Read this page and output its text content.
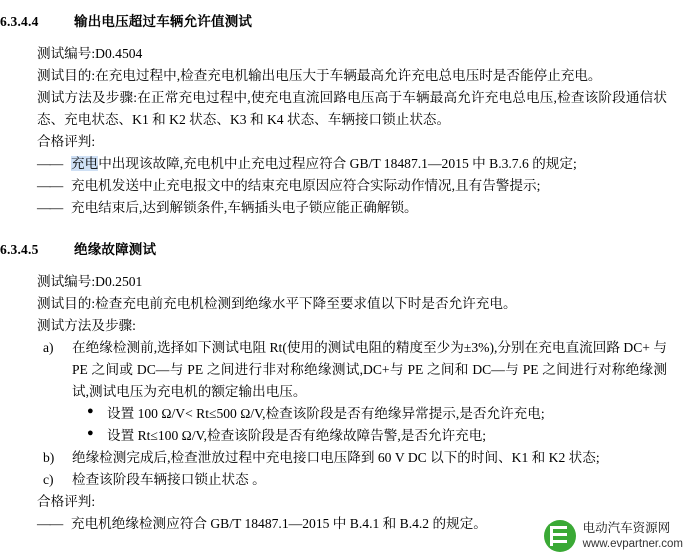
6.3.4.4	输出电压超过车辆允许值测试

测试编号:D0.4504

测试目的:在充电过程中,检查充电机输出电压大于车辆最高允许充电总电压时是否能停止充电。

测试方法及步骤:在正常充电过程中,使充电直流回路电压高于车辆最高允许充电总电压,检查该阶段通信状态、充电状态、K1 和 K2 状态、K3 和 K4 状态、车辆接口锁止状态。

合格评判:

—— 充电中出现该故障,充电机中止充电过程应符合 GB/T 18487.1—2015 中 B.3.7.6 的规定;
—— 充电机发送中止充电报文中的结束充电原因应符合实际动作情况,且有告警提示;
—— 充电结束后,达到解锁条件,车辆插头电子锁应能正确解锁。
6.3.4.5	绝缘故障测试

测试编号:D0.2501

测试目的:检查充电前充电机检测到绝缘水平下降至要求值以下时是否允许充电。

测试方法及步骤:

a)	在绝缘检测前,选择如下测试电阻 Rt(使用的测试电阻的精度至少为±3%),分别在充电直流回路 DC+ 与 PE 之间或 DC—与 PE 之间进行非对称绝缘测试,DC+与 PE 之间和 DC—与 PE 之间进行对称绝缘测试,测试电压为充电机的额定输出电压。
● 设置 100 Ω/V< Rt≤500 Ω/V,检查该阶段是否有绝缘异常提示,是否允许充电;
● 设置 Rt≤100 Ω/V,检查该阶段是否有绝缘故障告警,是否允许充电;
b)	绝缘检测完成后,检查泄放过程中充电接口电压降到 60 V DC 以下的时间、K1 和 K2 状态;
c)	检查该阶段车辆接口锁止状态 。

合格评判:

—— 充电机绝缘检测应符合 GB/T 18487.1—2015 中 B.4.1 和 B.4.2 的规定。	电动汽车资源网
www.evpartner.com
